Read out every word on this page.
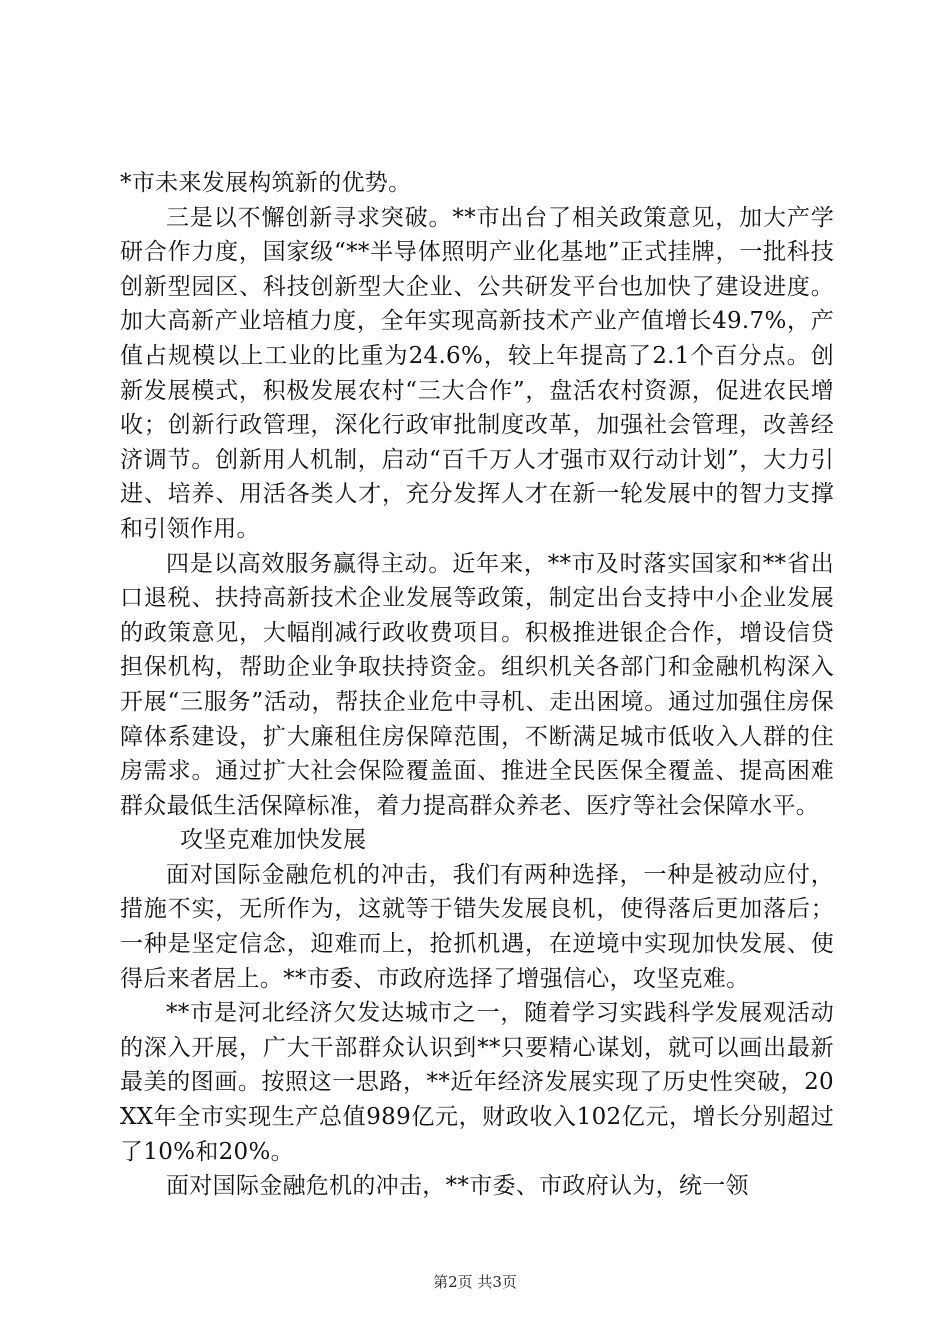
*市未来发展构筑新的优势。

三是以不懈创新寻求突破。**市出台了相关政策意见，加大产学研合作力度，国家级“**半导体照明产业化基地”正式挂牌，一批科技创新型园区、科技创新型大企业、公共研发平台也加快了建设进度。加大高新产业培植力度，全年实现高新技术产业产值增长49.7%，产值占规模以上工业的比重为24.6%，较上年提高了2.1个百分点。创新发展模式，积极发展农村“三大合作”，盘活农村资源，促进农民增收；创新行政管理，深化行政审批制度改革，加强社会管理，改善经济调节。创新用人机制，启动“百千万人才强市双行动计划”，大力引进、培养、用活各类人才，充分发挥人才在新一轮发展中的智力支撑和引领作用。

四是以高效服务赢得主动。近年来，**市及时落实国家和**省出口退税、扶持高新技术企业发展等政策，制定出台支持中小企业发展的政策意见，大幅削减行政收费项目。积极推进银企合作，增设信贷担保机构，帮助企业争取扶持资金。组织机关各部门和金融机构深入开展“三服务”活动，帮扶企业危中寻机、走出困境。通过加强住房保障体系建设，扩大廉租住房保障范围，不断满足城市低收入人群的住房需求。通过扩大社会保险覆盖面、推进全民医保全覆盖、提高困难群众最低生活保障标准，着力提高群众养老、医疗等社会保障水平。

攻坚克难加快发展

面对国际金融危机的冲击，我们有两种选择，一种是被动应付，措施不实，无所作为，这就等于错失发展良机，使得落后更加落后；一种是坚定信念，迎难而上，抢抓机遇，在逆境中实现加快发展、使得后来者居上。**市委、市政府选择了增强信心，攻坚克难。

**市是河北经济欠发达城市之一，随着学习实践科学发展观活动的深入开展，广大干部群众认识到**只要精心谋划，就可以画出最新最美的图画。按照这一思路，**近年经济发展实现了历史性突破，20XX年全市实现生产总值989亿元，财政收入102亿元，增长分别超过了10%和20%。

面对国际金融危机的冲击，**市委、市政府认为，统一领

第2页 共3页
